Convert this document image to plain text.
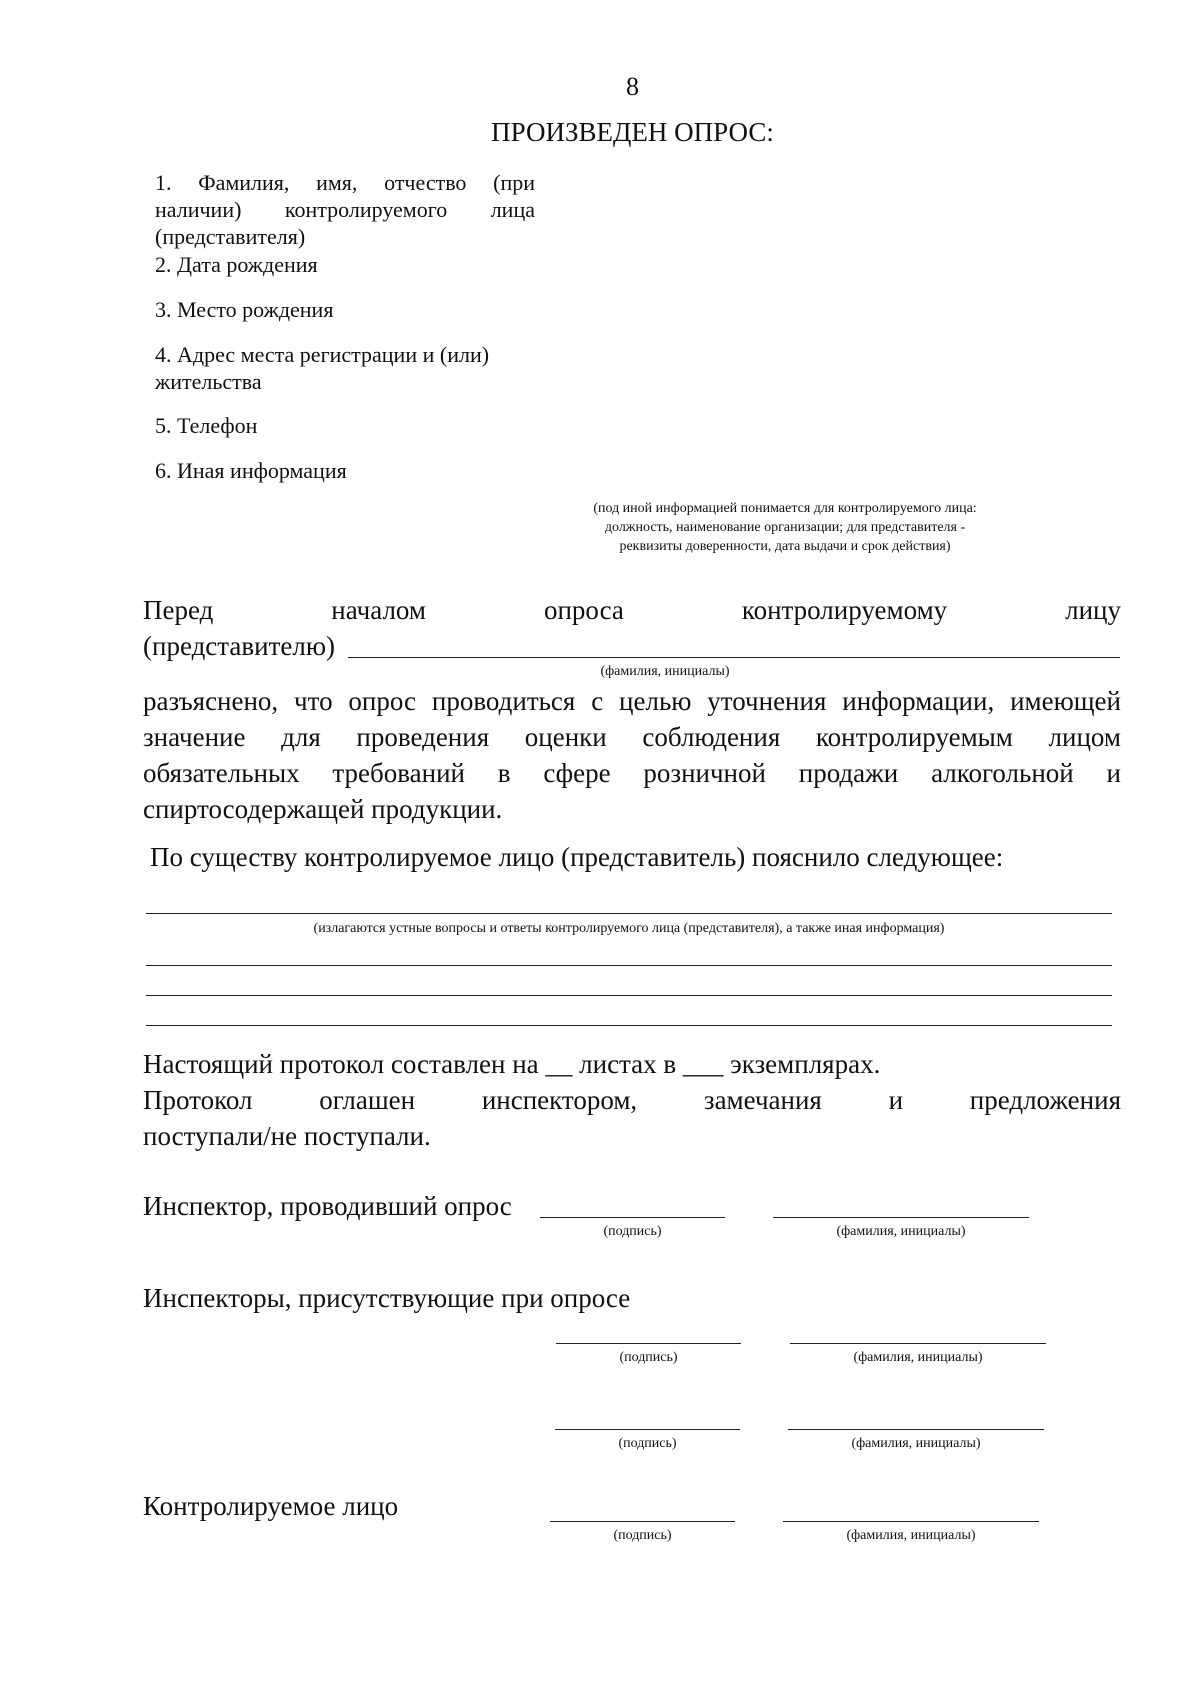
8
ПРОИЗВЕДЕН ОПРОС:
1. Фамилия, имя, отчество (при
наличии) контролируемого лица
(представителя)
2. Дата рождения
3. Место рождения
4. Адрес места регистрации и (или)
жительства
5. Телефон
6. Иная информация
(под иной информацией понимается для контролируемого лица:
должность, наименование организации; для представителя -
реквизиты доверенности, дата выдачи и срок действия)
Перед началом опроса контролируемому лицу
(представителю)
(фамилия, инициалы)
разъяснено, что опрос проводиться с целью уточнения информации, имеющей
значение для проведения оценки соблюдения контролируемым лицом
обязательных требований в сфере розничной продажи алкогольной и
спиртосодержащей продукции.
По существу контролируемое лицо (представитель) пояснило следующее:
(излагаются устные вопросы и ответы контролируемого лица (представителя), а также иная информация)
Настоящий протокол составлен на __ листах в ___ экземплярах.
Протокол оглашен инспектором, замечания и предложения
поступали/не поступали.
Инспектор, проводивший опрос
(подпись)	(фамилия, инициалы)
Инспекторы, присутствующие при опросе
(подпись)	(фамилия, инициалы)
(подпись)	(фамилия, инициалы)
Контролируемое лицо
(подпись)	(фамилия, инициалы)
